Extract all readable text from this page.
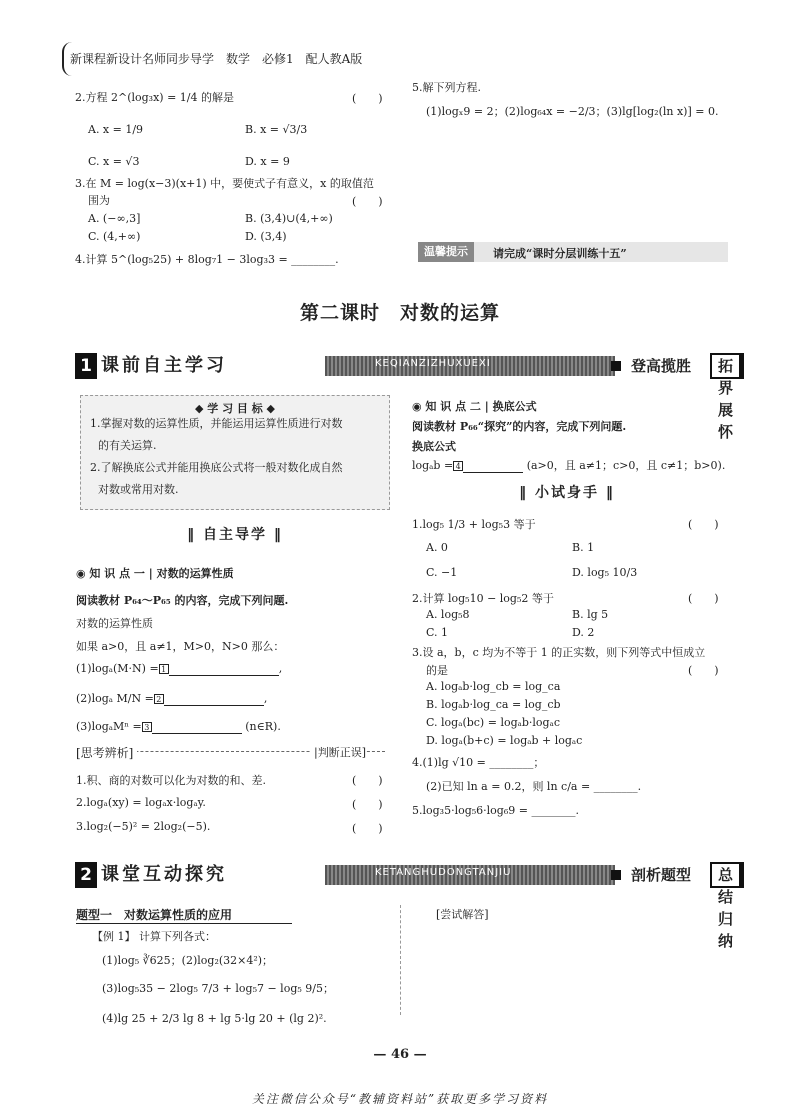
新课程新设计名师同步导学　数学　必修1　配人教A版
2.方程 2^(log₃x) = 1/4 的解是	(　　)
A. x = 1/9	B. x = √3/3
C. x = √3	D. x = 9
3.在 M = log(x−3)(x+1) 中，要使式子有意义，x 的取值范
围为	(　　)
A. (−∞,3]	B. (3,4)∪(4,+∞)
C. (4,+∞)	D. (3,4)
4.计算 5^(log₅25) + 8log₇1 − 3log₃3 = ________.
5.解下列方程.
(1)logₓ9 = 2；(2)log₆₄x = −2/3；(3)lg[log₂(ln x)] = 0.
温馨提示	请完成“课时分层训练十五”
第二课时　对数的运算
1 课前自主学习	KEQIANZIZHUXUEXI	登高揽胜	拓界展怀
◆ 学 习 目 标 ◆
1.掌握对数的运算性质，并能运用运算性质进行对数
的有关运算.
2.了解换底公式并能用换底公式将一般对数化成自然
对数或常用对数.
‖ 自主导学 ‖
◉ 知 识 点 一 | 对数的运算性质
阅读教材 P₆₄～P₆₅ 的内容，完成下列问题.
对数的运算性质
如果 a>0，且 a≠1，M>0，N>0 那么：
(1)logₐ(M·N) = 1	,
(2)logₐ M/N = 2	,
(3)logₐMⁿ = 3	(n∈R).
[思考辨析]	|判断正误]
1.积、商的对数可以化为对数的和、差.	(　　)
2.logₐ(xy) = logₐx·logₐy.	(　　)
3.log₂(−5)² = 2log₂(−5).	(　　)
◉ 知 识 点 二 | 换底公式
阅读教材 P₆₆“探究”的内容，完成下列问题.
换底公式
logₐb = 4	(a>0，且 a≠1；c>0，且 c≠1；b>0).
‖ 小试身手 ‖
1.log₅ 1/3 + log₅3 等于	(　　)
A. 0	B. 1
C. −1	D. log₅ 10/3
2.计算 log₅10 − log₅2 等于	(　　)
A. log₅8	B. lg 5
C. 1	D. 2
3.设 a，b，c 均为不等于 1 的正实数，则下列等式中恒成立
的是	(　　)
A. logₐb·log_cb = log_ca
B. logₐb·log_ca = log_cb
C. logₐ(bc) = logₐb·logₐc
D. logₐ(b+c) = logₐb + logₐc
4.(1)lg √10 = ________；
(2)已知 ln a = 0.2，则 ln c/a = ________.
5.log₃5·log₅6·log₆9 = ________.
2 课堂互动探究	KETANGHUDONGTANJIU	剖析题型	总结归纳
题型一　对数运算性质的应用
【例 1】 计算下列各式：
(1)log₅ ∛625；(2)log₂(32×4²)；
(3)log₅35 − 2log₅ 7/3 + log₅7 − log₅ 9/5；
(4)lg 25 + 2/3 lg 8 + lg 5·lg 20 + (lg 2)².
[尝试解答]
— 46 —
关注微信公众号“教辅资料站”获取更多学习资料
